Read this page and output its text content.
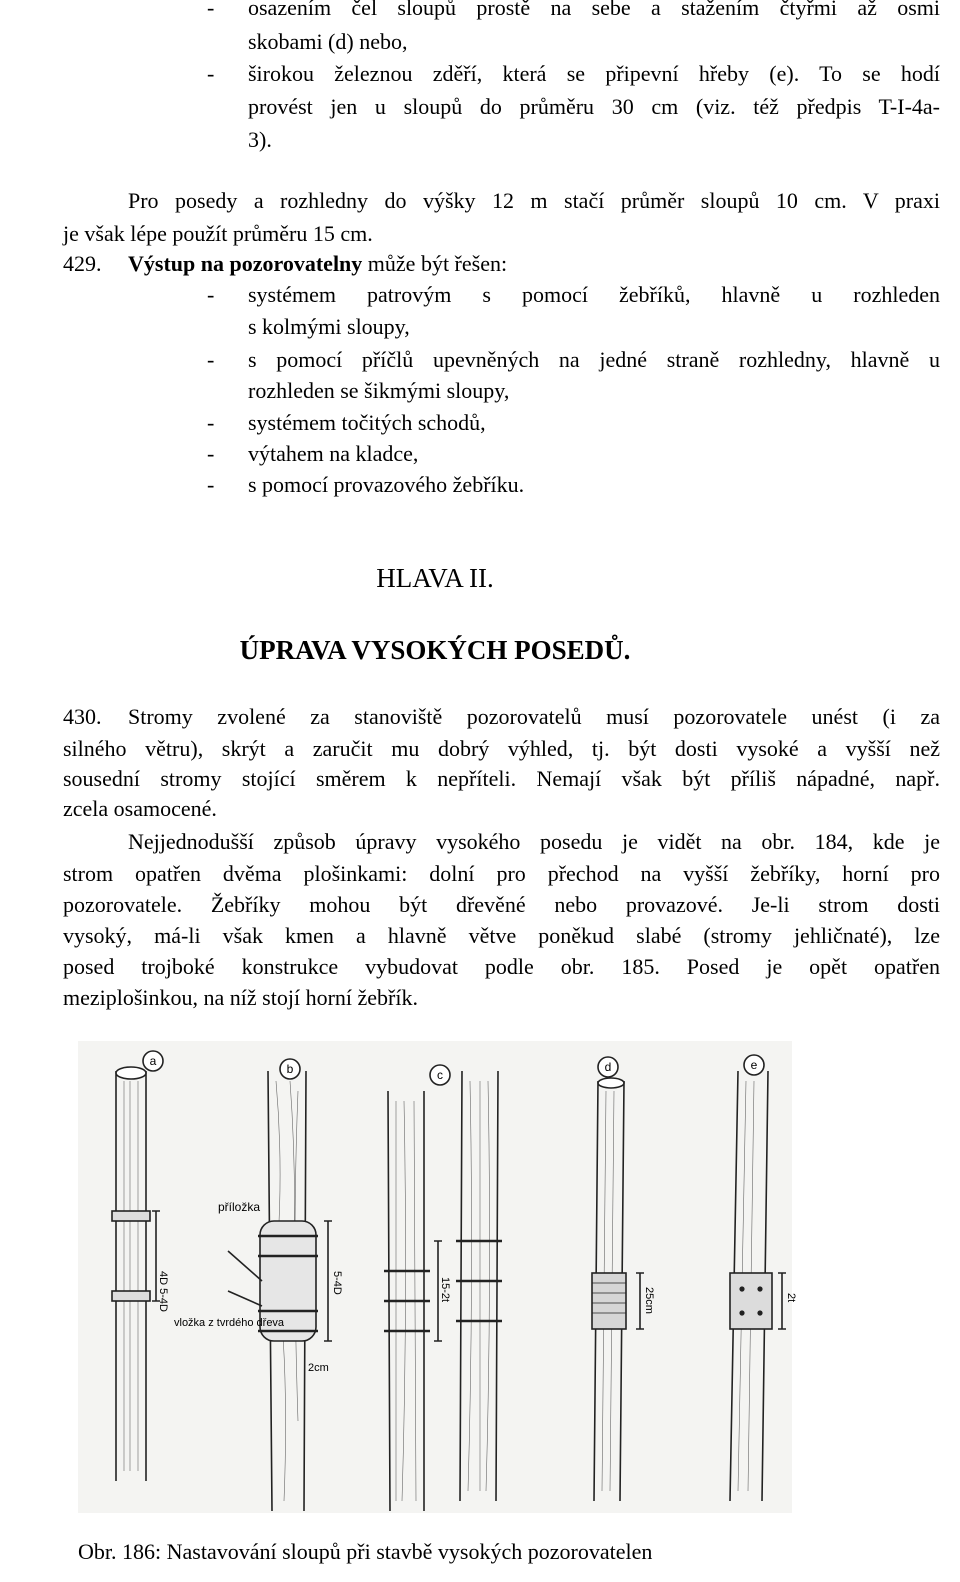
- osazením čel sloupů prostě na sebe a stažením čtyřmi až osmi
skobami (d) nebo,
- širokou železnou zděří, která se připevní hřeby (e). To se hodí
provést jen u sloupů do průměru 30 cm (viz. též předpis T-I-4a-
3).
Pro posedy a rozhledny do výšky 12 m stačí průměr sloupů 10 cm. V praxi
je však lépe použít průměru 15 cm.
429. Výstup na pozorovatelny může být řešen:
- systémem patrovým s pomocí žebříků, hlavně u rozhleden
s kolmými sloupy,
- s pomocí příčlů upevněných na jedné straně rozhledny, hlavně u
rozhleden se šikmými sloupy,
- systémem točitých schodů,
- výtahem na kladce,
- s pomocí provazového žebříku.
HLAVA II.
ÚPRAVA VYSOKÝCH POSEDŮ.
430. Stromy zvolené za stanoviště pozorovatelů musí pozorovatele unést (i za
silného větru), skrýt a zaručit mu dobrý výhled, tj. být dosti vysoké a vyšší než
sousední stromy stojící směrem k nepříteli. Nemají však být příliš nápadné, např.
zcela osamocené.
Nejjednodušší způsob úpravy vysokého posedu je vidět na obr. 184, kde je
strom opatřen dvěma plošinkami: dolní pro přechod na vyšší žebříky, horní pro
pozorovatele. Žebříky mohou být dřevěné nebo provazové. Je-li strom dosti
vysoký, má-li však kmen a hlavně větve poněkud slabé (stromy jehličnaté), lze
posed trojboké konstrukce vybudovat podle obr. 185. Posed je opět opatřen
meziplošinkou, na níž stojí horní žebřík.
a
b	c
d	e
příložka
vložka z tvrdého dřeva
4D 5-4D	5-4D
2cm
15-2t	25cm	2t
Obr. 186: Nastavování sloupů při stavbě vysokých pozorovatelen
